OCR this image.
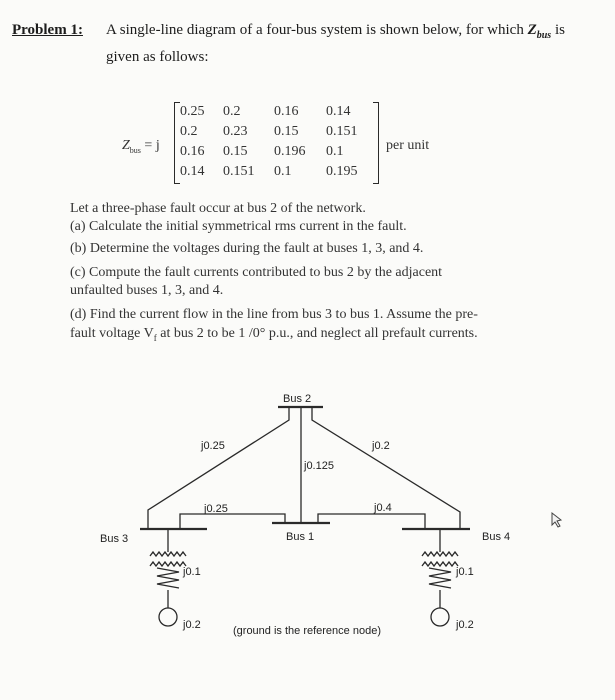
Problem 1: A single-line diagram of a four-bus system is shown below, for which $Z_{bus}$ is
given as follows:
$Z_{bus} = j$
0.25 0.2 0.16 0.14
0.2 0.23 0.15 0.151
0.16 0.15 0.196 0.1
0.14 0.151 0.1 0.195
per unit
Let a three-phase fault occur at bus 2 of the network.
(a) Calculate the initial symmetrical rms current in the fault.
(b) Determine the voltages during the fault at buses 1, 3, and 4.
(c) Compute the fault currents contributed to bus 2 by the adjacent
unfaulted buses 1, 3, and 4.
(d) Find the current flow in the line from bus 3 to bus 1. Assume the pre-
fault voltage $V_f$ at bus 2 to be 1 /0° p.u., and neglect all prefault currents.
Bus 2
Bus 1
Bus 3	Bus 4
j0.25	j0.2
j0.125
j0.25	j0.4
j0.1
j0.2
j0.1
j0.2
(ground is the reference node)
